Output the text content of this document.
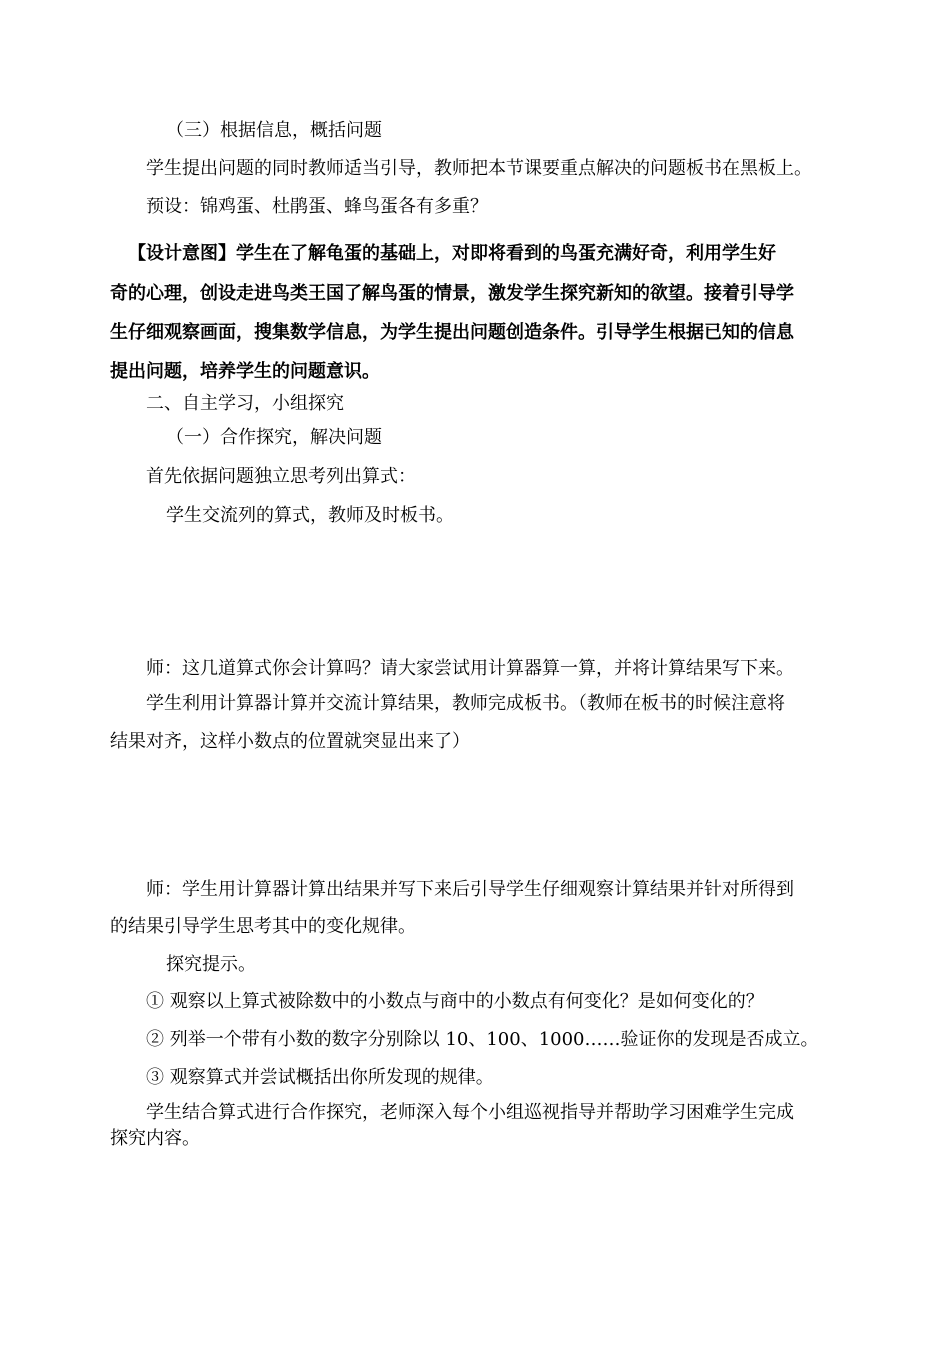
（三）根据信息，概括问题

学生提出问题的同时教师适当引导，教师把本节课要重点解决的问题板书在黑板上。

预设：锦鸡蛋、杜鹃蛋、蜂鸟蛋各有多重？

【设计意图】学生在了解龟蛋的基础上，对即将看到的鸟蛋充满好奇，利用学生好

奇的心理，创设走进鸟类王国了解鸟蛋的情景，激发学生探究新知的欲望。接着引导学

生仔细观察画面，搜集数学信息，为学生提出问题创造条件。引导学生根据已知的信息

提出问题，培养学生的问题意识。

二、自主学习，小组探究

（一）合作探究，解决问题

首先依据问题独立思考列出算式：

学生交流列的算式，教师及时板书。

师：这几道算式你会计算吗？请大家尝试用计算器算一算，并将计算结果写下来。

学生利用计算器计算并交流计算结果，教师完成板书。（教师在板书的时候注意将

结果对齐，这样小数点的位置就突显出来了）

师：学生用计算器计算出结果并写下来后引导学生仔细观察计算结果并针对所得到

的结果引导学生思考其中的变化规律。

探究提示。

① 观察以上算式被除数中的小数点与商中的小数点有何变化？是如何变化的？

② 列举一个带有小数的数字分别除以 10、100、1000……验证你的发现是否成立。

③ 观察算式并尝试概括出你所发现的规律。

学生结合算式进行合作探究，老师深入每个小组巡视指导并帮助学习困难学生完成

探究内容。
